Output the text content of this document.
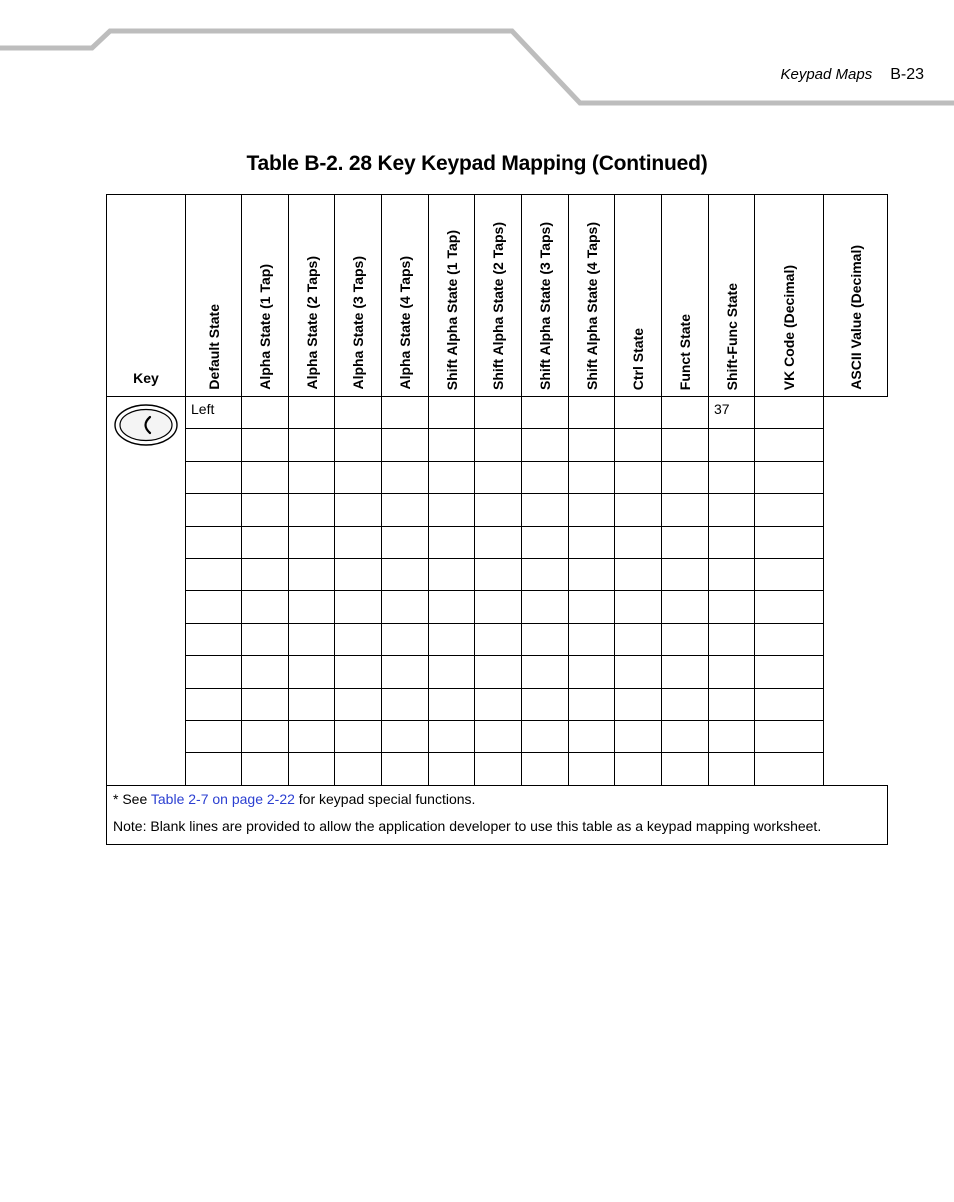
Keypad Maps B-23
Table B-2. 28 Key Keypad Mapping (Continued)
Key	Default State	Alpha State (1 Tap)	Alpha State (2 Taps)	Alpha State (3 Taps)	Alpha State (4 Taps)	Shift Alpha State (1 Tap)	Shift Alpha State (2 Taps)	Shift Alpha State (3 Taps)	Shift Alpha State (4 Taps)	Ctrl State	Funct State	Shift-Func State	VK Code (Decimal)	ASCII Value (Decimal)

	Left											37		

* See Table 2-7 on page 2-22 for keypad special functions.

Note: Blank lines are provided to allow the application developer to use this table as a keypad mapping worksheet.														
